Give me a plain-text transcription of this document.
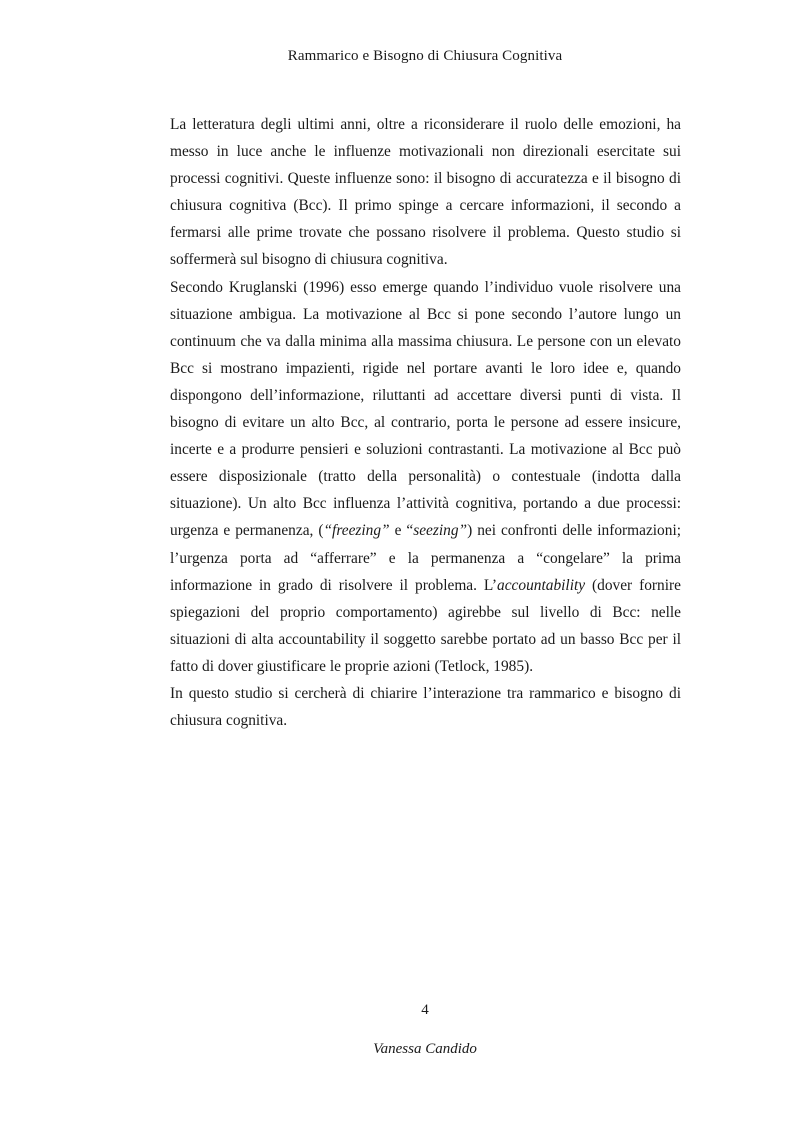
Rammarico e Bisogno di Chiusura Cognitiva

La letteratura degli ultimi anni, oltre a riconsiderare il ruolo delle emozioni, ha messo in luce anche le influenze motivazionali non direzionali esercitate sui processi cognitivi. Queste influenze sono: il bisogno di accuratezza e il bisogno di chiusura cognitiva (Bcc). Il primo spinge a cercare informazioni, il secondo a fermarsi alle prime trovate che possano risolvere il problema. Questo studio si soffermerà sul bisogno di chiusura cognitiva.

Secondo Kruglanski (1996) esso emerge quando l’individuo vuole risolvere una situazione ambigua. La motivazione al Bcc si pone secondo l’autore lungo un continuum che va dalla minima alla massima chiusura. Le persone con un elevato Bcc si mostrano impazienti, rigide nel portare avanti le loro idee e, quando dispongono dell’informazione, riluttanti ad accettare diversi punti di vista. Il bisogno di evitare un alto Bcc, al contrario, porta le persone ad essere insicure, incerte e a produrre pensieri e soluzioni contrastanti. La motivazione al Bcc può essere disposizionale (tratto della personalità) o contestuale (indotta dalla situazione). Un alto Bcc influenza l’attività cognitiva, portando a due processi: urgenza e permanenza, (“freezing” e “seezing”) nei confronti delle informazioni; l’urgenza porta ad “afferrare” e la permanenza a “congelare” la prima informazione in grado di risolvere il problema. L’accountability (dover fornire spiegazioni del proprio comportamento) agirebbe sul livello di Bcc: nelle situazioni di alta accountability il soggetto sarebbe portato ad un basso Bcc per il fatto di dover giustificare le proprie azioni (Tetlock, 1985).

In questo studio si cercherà di chiarire l’interazione tra rammarico e bisogno di chiusura cognitiva.

4
Vanessa Candido
